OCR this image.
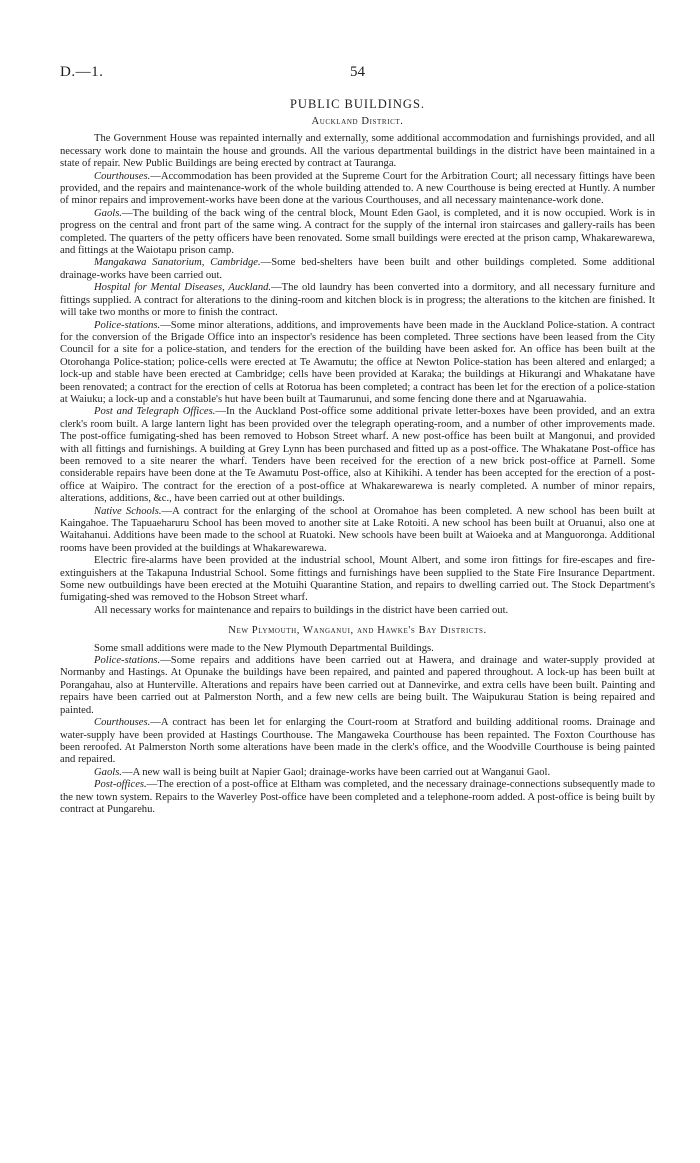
D.—1.	54
PUBLIC BUILDINGS.
Auckland District.

The Government House was repainted internally and externally, some additional accommodation and furnishings provided, and all necessary work done to maintain the house and grounds. All the various departmental buildings in the district have been maintained in a state of repair. New Public Buildings are being erected by contract at Tauranga.

Courthouses.—Accommodation has been provided at the Supreme Court for the Arbitration Court; all necessary fittings have been provided, and the repairs and maintenance-work of the whole building attended to. A new Courthouse is being erected at Huntly. A number of minor repairs and improvement-works have been done at the various Courthouses, and all necessary maintenance-work done.

Gaols.—The building of the back wing of the central block, Mount Eden Gaol, is completed, and it is now occupied. Work is in progress on the central and front part of the same wing. A contract for the supply of the internal iron staircases and gallery-rails has been completed. The quarters of the petty officers have been renovated. Some small buildings were erected at the prison camp, Whakarewarewa, and fittings at the Waiotapu prison camp.

Mangakawa Sanatorium, Cambridge.—Some bed-shelters have been built and other buildings completed. Some additional drainage-works have been carried out.

Hospital for Mental Diseases, Auckland.—The old laundry has been converted into a dormitory, and all necessary furniture and fittings supplied. A contract for alterations to the dining-room and kitchen block is in progress; the alterations to the kitchen are finished. It will take two months or more to finish the contract.

Police-stations.—Some minor alterations, additions, and improvements have been made in the Auckland Police-station. A contract for the conversion of the Brigade Office into an inspector's residence has been completed. Three sections have been leased from the City Council for a site for a police-station, and tenders for the erection of the building have been asked for. An office has been built at the Otorohanga Police-station; police-cells were erected at Te Awamutu; the office at Newton Police-station has been altered and enlarged; a lock-up and stable have been erected at Cambridge; cells have been provided at Karaka; the buildings at Hikurangi and Whakatane have been renovated; a contract for the erection of cells at Rotorua has been completed; a contract has been let for the erection of a police-station at Waiuku; a lock-up and a constable's hut have been built at Taumarunui, and some fencing done there and at Ngaruawahia.

Post and Telegraph Offices.—In the Auckland Post-office some additional private letter-boxes have been provided, and an extra clerk's room built. A large lantern light has been provided over the telegraph operating-room, and a number of other improvements made. The post-office fumigating-shed has been removed to Hobson Street wharf. A new post-office has been built at Mangonui, and provided with all fittings and furnishings. A building at Grey Lynn has been purchased and fitted up as a post-office. The Whakatane Post-office has been removed to a site nearer the wharf. Tenders have been received for the erection of a new brick post-office at Parnell. Some considerable repairs have been done at the Te Awamutu Post-office, also at Kihikihi. A tender has been accepted for the erection of a post-office at Waipiro. The contract for the erection of a post-office at Whakarewarewa is nearly completed. A number of minor repairs, alterations, additions, &c., have been carried out at other buildings.

Native Schools.—A contract for the enlarging of the school at Oromahoe has been completed. A new school has been built at Kaingahoe. The Tapuaeharuru School has been moved to another site at Lake Rotoiti. A new school has been built at Oruanui, also one at Waitahanui. Additions have been made to the school at Ruatoki. New schools have been built at Waioeka and at Manguoronga. Additional rooms have been provided at the buildings at Whakarewarewa.

Electric fire-alarms have been provided at the industrial school, Mount Albert, and some iron fittings for fire-escapes and fire-extinguishers at the Takapuna Industrial School. Some fittings and furnishings have been supplied to the State Fire Insurance Department. Some new outbuildings have been erected at the Motuihi Quarantine Station, and repairs to dwelling carried out. The Stock Department's fumigating-shed was removed to the Hobson Street wharf.

All necessary works for maintenance and repairs to buildings in the district have been carried out.

New Plymouth, Wanganui, and Hawke's Bay Districts.

Some small additions were made to the New Plymouth Departmental Buildings.

Police-stations.—Some repairs and additions have been carried out at Hawera, and drainage and water-supply provided at Normanby and Hastings. At Opunake the buildings have been repaired, and painted and papered throughout. A lock-up has been built at Porangahau, also at Hunterville. Alterations and repairs have been carried out at Dannevirke, and extra cells have been built. Painting and repairs have been carried out at Palmerston North, and a few new cells are being built. The Waipukurau Station is being repaired and painted.

Courthouses.—A contract has been let for enlarging the Court-room at Stratford and building additional rooms. Drainage and water-supply have been provided at Hastings Courthouse. The Mangaweka Courthouse has been repainted. The Foxton Courthouse has been reroofed. At Palmerston North some alterations have been made in the clerk's office, and the Woodville Courthouse is being painted and repaired.

Gaols.—A new wall is being built at Napier Gaol; drainage-works have been carried out at Wanganui Gaol.

Post-offices.—The erection of a post-office at Eltham was completed, and the necessary drainage-connections subsequently made to the new town system. Repairs to the Waverley Post-office have been completed and a telephone-room added. A post-office is being built by contract at Pungarehu.
